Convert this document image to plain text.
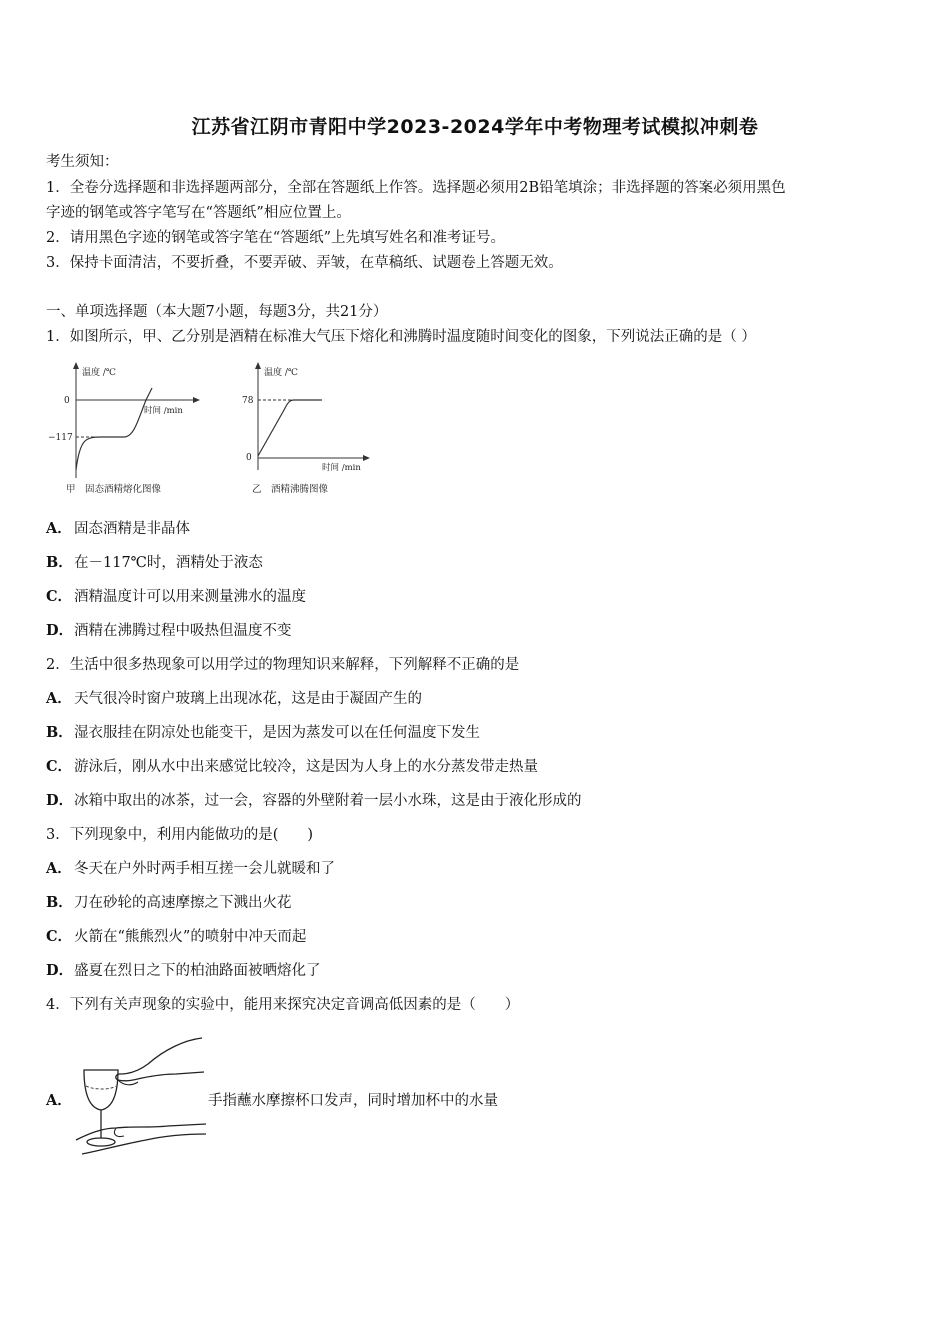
江苏省江阴市青阳中学2023-2024学年中考物理考试模拟冲刺卷
考生须知：
1．全卷分选择题和非选择题两部分，全部在答题纸上作答。选择题必须用2B铅笔填涂；非选择题的答案必须用黑色
字迹的钢笔或答字笔写在“答题纸”相应位置上。
2．请用黑色字迹的钢笔或答字笔在“答题纸”上先填写姓名和准考证号。
3．保持卡面清洁，不要折叠，不要弄破、弄皱，在草稿纸、试题卷上答题无效。
一、单项选择题（本大题7小题，每题3分，共21分）
1．如图所示，甲、乙分别是酒精在标准大气压下熔化和沸腾时温度随时间变化的图象，下列说法正确的是（ ）
温度 /℃
0
−117
时间 /min
甲　固态酒精熔化图像
温度 /℃
78
0
时间 /min
乙　酒精沸腾图像
A． 固态酒精是非晶体
B．在－117℃时，酒精处于液态
C． 酒精温度计可以用来测量沸水的温度
D．酒精在沸腾过程中吸热但温度不变
2．生活中很多热现象可以用学过的物理知识来解释，下列解释不正确的是
A． 天气很冷时窗户玻璃上出现冰花，这是由于凝固产生的
B．湿衣服挂在阴凉处也能变干，是因为蒸发可以在任何温度下发生
C． 游泳后，刚从水中出来感觉比较冷，这是因为人身上的水分蒸发带走热量
D．冰箱中取出的冰茶，过一会，容器的外壁附着一层小水珠，这是由于液化形成的
3．下列现象中，利用内能做功的是(　　)
A． 冬天在户外时两手相互搓一会儿就暖和了
B．刀在砂轮的高速摩擦之下溅出火花
C． 火箭在“熊熊烈火”的喷射中冲天而起
D．盛夏在烈日之下的柏油路面被晒熔化了
4．下列有关声现象的实验中，能用来探究决定音调高低因素的是（　　）
A．	手指蘸水摩擦杯口发声，同时增加杯中的水量
